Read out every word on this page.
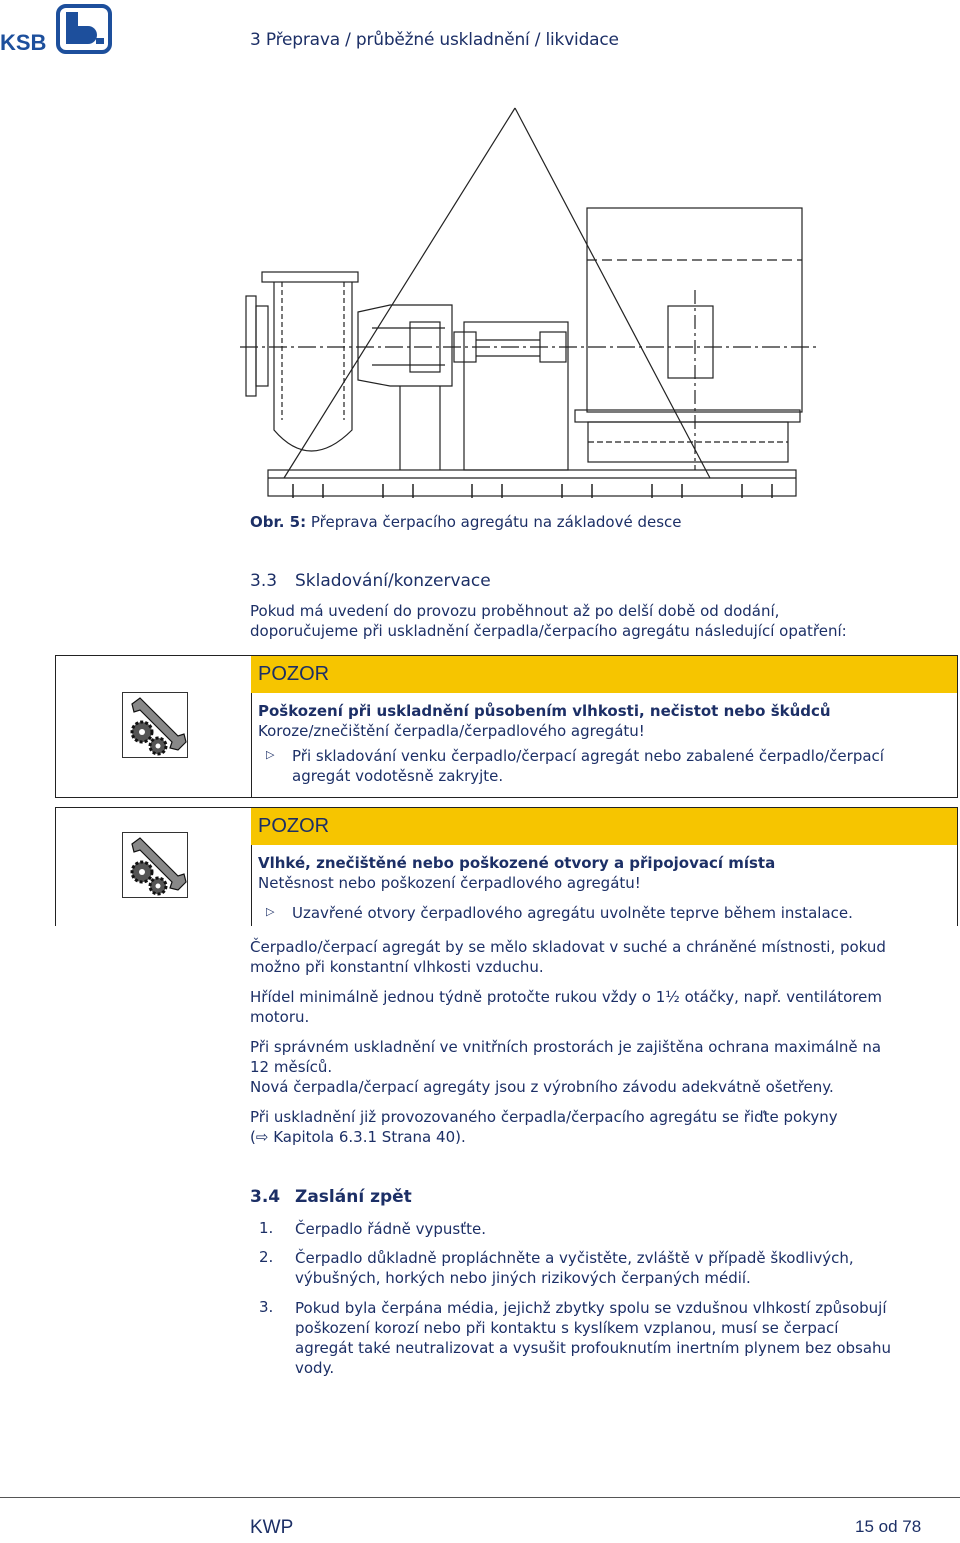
KSB	3 Přeprava / průběžné uskladnění / likvidace
Obr. 5: Přeprava čerpacího agregátu na základové desce
3.3 Skladování/konzervace
Pokud má uvedení do provozu proběhnout až po delší době od dodání,
doporučujeme při uskladnění čerpadla/čerpacího agregátu následující opatření:
POZOR
Poškození při uskladnění působením vlhkosti, nečistot nebo škůdců
Koroze/znečištění čerpadla/čerpadlového agregátu!
▷ Při skladování venku čerpadlo/čerpací agregát nebo zabalené čerpadlo/čerpací
agregát vodotěsně zakryjte.
POZOR
Vlhké, znečištěné nebo poškozené otvory a připojovací místa
Netěsnost nebo poškození čerpadlového agregátu!
▷ Uzavřené otvory čerpadlového agregátu uvolněte teprve během instalace.
Čerpadlo/čerpací agregát by se mělo skladovat v suché a chráněné místnosti, pokud
možno při konstantní vlhkosti vzduchu.
Hřídel minimálně jednou týdně protočte rukou vždy o 1½ otáčky, např. ventilátorem
motoru.
Při správném uskladnění ve vnitřních prostorách je zajištěna ochrana maximálně na
12 měsíců.
Nová čerpadla/čerpací agregáty jsou z výrobního závodu adekvátně ošetřeny.
Při uskladnění již provozovaného čerpadla/čerpacího agregátu se řiďte pokyny
(⇨ Kapitola 6.3.1 Strana 40).
3.4 Zaslání zpět
1. Čerpadlo řádně vypusťte.
2. Čerpadlo důkladně propláchněte a vyčistěte, zvláště v případě škodlivých,
výbušných, horkých nebo jiných rizikových čerpaných médií.
3. Pokud byla čerpána média, jejichž zbytky spolu se vzdušnou vlhkostí způsobují
poškození korozí nebo při kontaktu s kyslíkem vzplanou, musí se čerpací
agregát také neutralizovat a vysušit profouknutím inertním plynem bez obsahu
vody.
KWP	15 od 78
